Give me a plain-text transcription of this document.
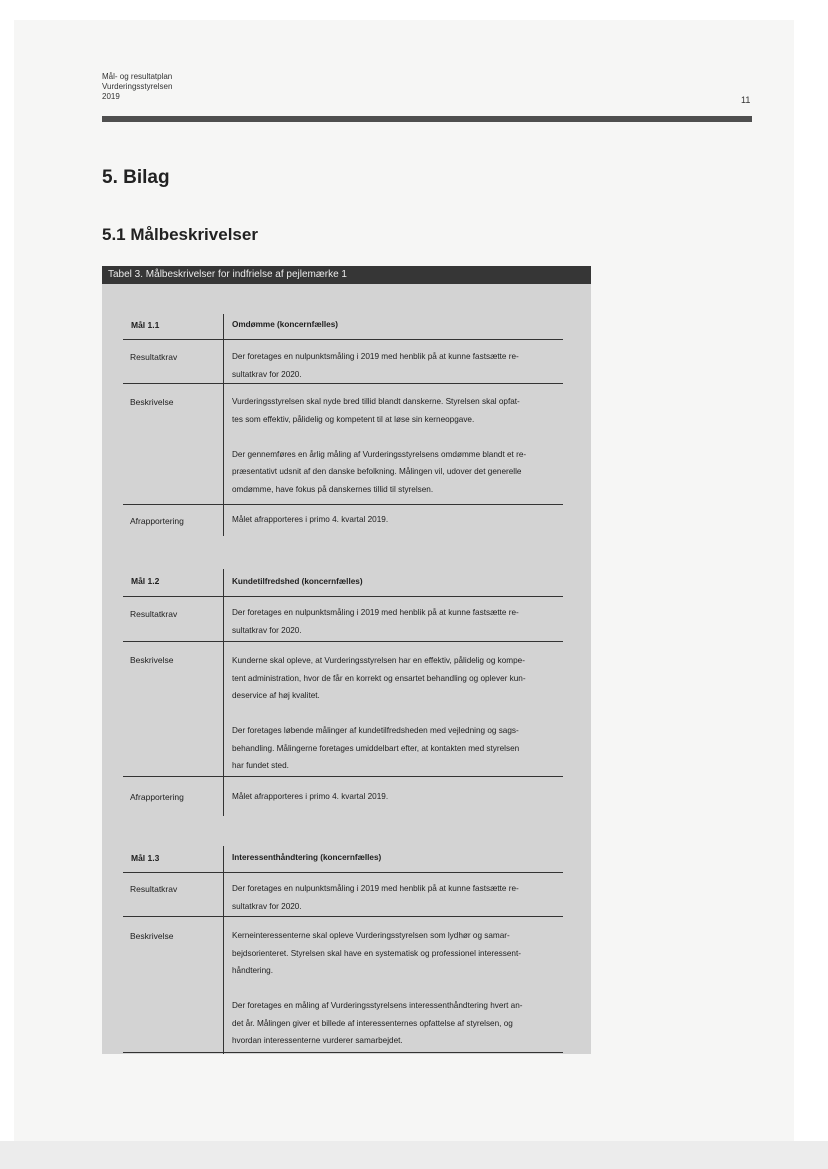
Mål- og resultatplan
Vurderingsstyrelsen
2019	11
5. Bilag
5.1 Målbeskrivelser
Tabel 3. Målbeskrivelser for indfrielse af pejlemærke 1
Mål 1.1	Omdømme (koncernfælles)
Resultatkrav	Der foretages en nulpunktsmåling i 2019 med henblik på at kunne fastsætte re-
sultatkrav for 2020.
Beskrivelse	Vurderingsstyrelsen skal nyde bred tillid blandt danskerne. Styrelsen skal opfat-
tes som effektiv, pålidelig og kompetent til at løse sin kerneopgave.
Der gennemføres en årlig måling af Vurderingsstyrelsens omdømme blandt et re-
præsentativt udsnit af den danske befolkning. Målingen vil, udover det generelle
omdømme, have fokus på danskernes tillid til styrelsen.
Afrapportering	Målet afrapporteres i primo 4. kvartal 2019.
Mål 1.2	Kundetilfredshed (koncernfælles)
Resultatkrav	Der foretages en nulpunktsmåling i 2019 med henblik på at kunne fastsætte re-
sultatkrav for 2020.
Beskrivelse	Kunderne skal opleve, at Vurderingsstyrelsen har en effektiv, pålidelig og kompe-
tent administration, hvor de får en korrekt og ensartet behandling og oplever kun-
deservice af høj kvalitet.
Der foretages løbende målinger af kundetilfredsheden med vejledning og sags-
behandling. Målingerne foretages umiddelbart efter, at kontakten med styrelsen
har fundet sted.
Afrapportering	Målet afrapporteres i primo 4. kvartal 2019.
Mål 1.3	Interessenthåndtering (koncernfælles)
Resultatkrav	Der foretages en nulpunktsmåling i 2019 med henblik på at kunne fastsætte re-
sultatkrav for 2020.
Beskrivelse	Kerneinteressenterne skal opleve Vurderingsstyrelsen som lydhør og samar-
bejdsorienteret. Styrelsen skal have en systematisk og professionel interessent-
håndtering.
Der foretages en måling af Vurderingsstyrelsens interessenthåndtering hvert an-
det år. Målingen giver et billede af interessenternes opfattelse af styrelsen, og
hvordan interessenterne vurderer samarbejdet.
